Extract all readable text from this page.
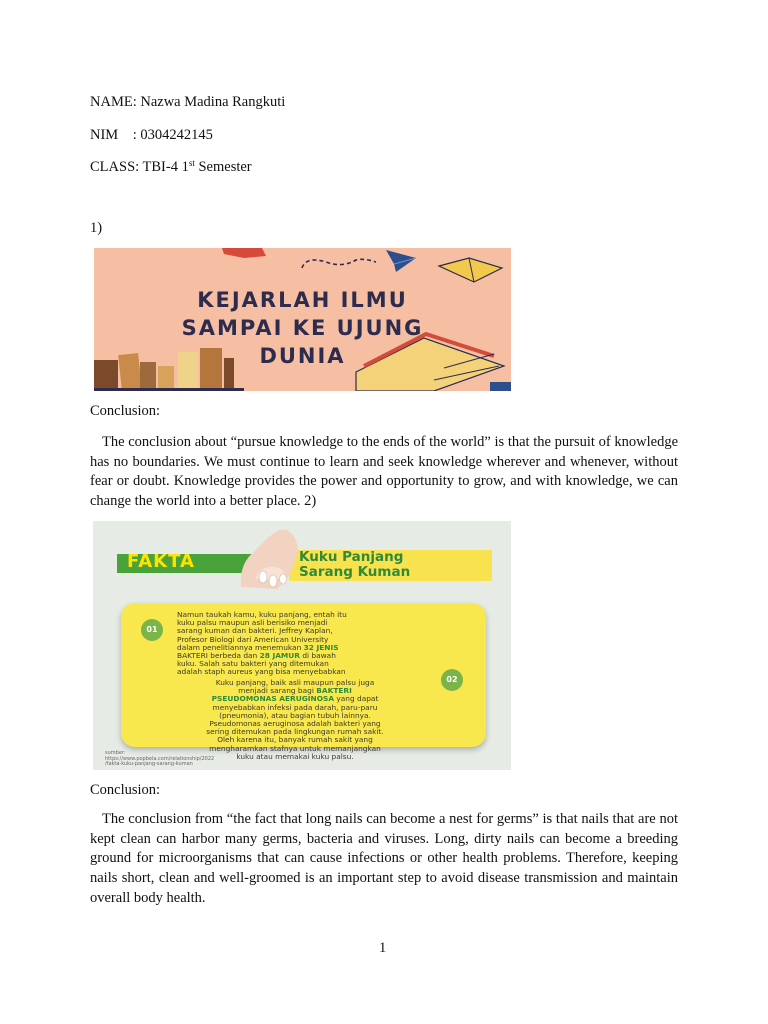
NAME: Nazwa Madina Rangkuti
NIM    : 0304242145
CLASS: TBI-4 1st Semester
1)
KEJARLAH ILMU
SAMPAI KE UJUNG
DUNIA
Conclusion:
The conclusion about “pursue knowledge to the ends of the world” is that the pursuit of knowledge has no boundaries. We must continue to learn and seek knowledge wherever and whenever, without fear or doubt. Knowledge provides the power and opportunity to grow, and with knowledge, we can change the world into a better place. 2)
FAKTA	Kuku Panjang
Sarang Kuman
01
02
Namun taukah kamu, kuku panjang, entah itu
kuku palsu maupun asli berisiko menjadi
sarang kuman dan bakteri. Jeffrey Kaplan,
Profesor Biologi dari American University
dalam penelitiannya menemukan 32 JENIS
BAKTERI berbeda dan 28 JAMUR di bawah
kuku. Salah satu bakteri yang ditemukan
adalah staph aureus yang bisa menyebabkan
Kuku panjang, baik asli maupun palsu juga
menjadi sarang bagi BAKTERI
PSEUDOMONAS AERUGINOSA yang dapat
menyebabkan infeksi pada darah, paru-paru
(pneumonia), atau bagian tubuh lainnya.
Pseudomonas aeruginosa adalah bakteri yang
sering ditemukan pada lingkungan rumah sakit.
Oleh karena itu, banyak rumah sakit yang
mengharamkan stafnya untuk memanjangkan
kuku atau memakai kuku palsu.
sumber:
https://www.popbela.com/relationship/2022
/fakta-kuku-panjang-sarang-kuman
Conclusion:
The conclusion from “the fact that long nails can become a nest for germs” is that nails that are not kept clean can harbor many germs, bacteria and viruses. Long, dirty nails can become a breeding ground for microorganisms that can cause infections or other health problems. Therefore, keeping nails short, clean and well-groomed is an important step to avoid disease transmission and maintain overall body health.
1
